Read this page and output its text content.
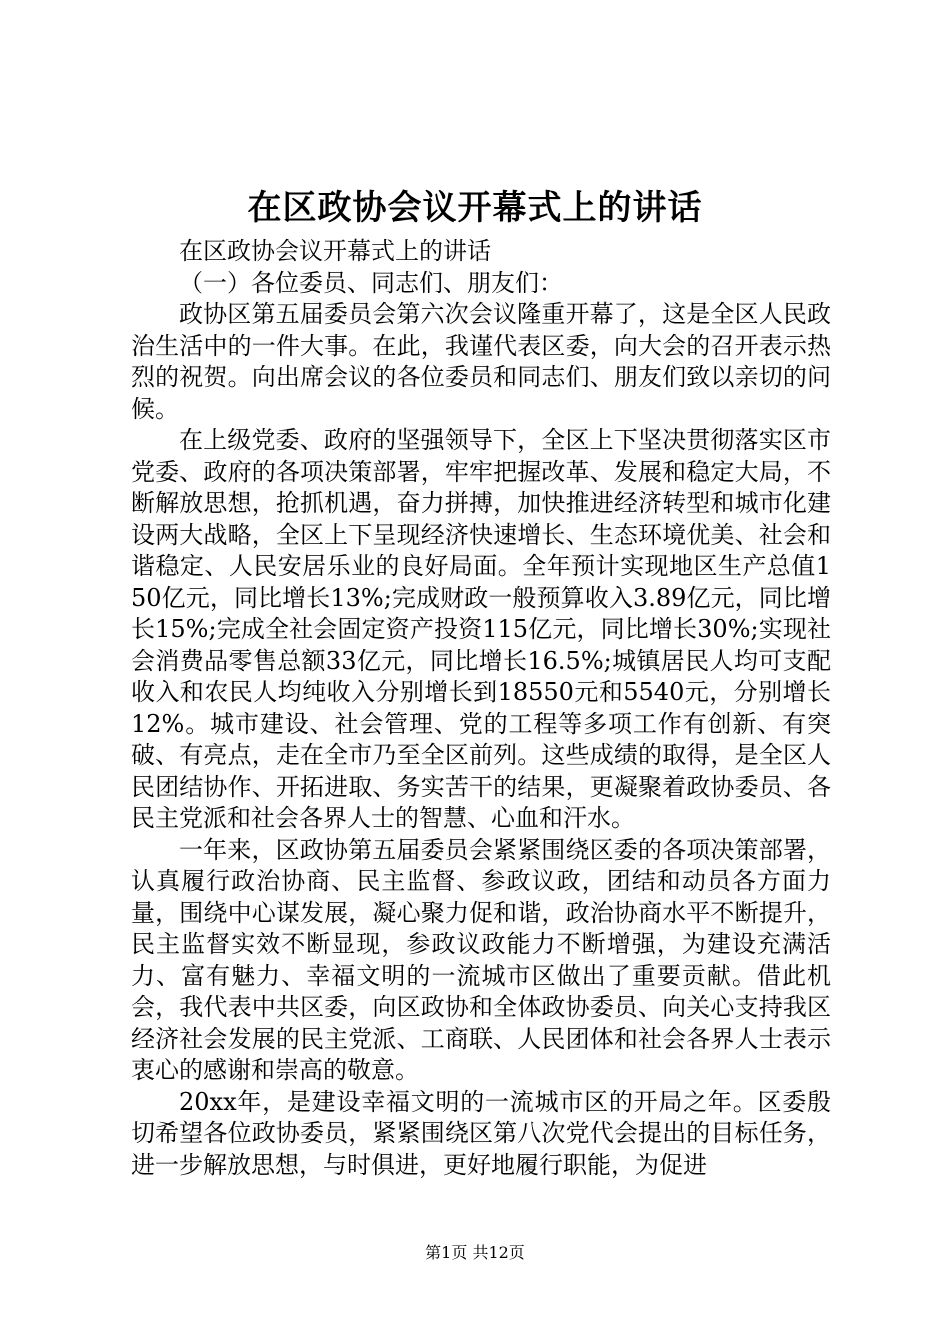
在区政协会议开幕式上的讲话

在区政协会议开幕式上的讲话

（一）各位委员、同志们、朋友们：

政协区第五届委员会第六次会议隆重开幕了，这是全区人民政治生活中的一件大事。在此，我谨代表区委，向大会的召开表示热烈的祝贺。向出席会议的各位委员和同志们、朋友们致以亲切的问候。

在上级党委、政府的坚强领导下，全区上下坚决贯彻落实区市党委、政府的各项决策部署，牢牢把握改革、发展和稳定大局，不断解放思想，抢抓机遇，奋力拼搏，加快推进经济转型和城市化建设两大战略，全区上下呈现经济快速增长、生态环境优美、社会和谐稳定、人民安居乐业的良好局面。全年预计实现地区生产总值150亿元，同比增长13%;完成财政一般预算收入3.89亿元，同比增长15%;完成全社会固定资产投资115亿元，同比增长30%;实现社会消费品零售总额33亿元，同比增长16.5%;城镇居民人均可支配收入和农民人均纯收入分别增长到18550元和5540元，分别增长12%。城市建设、社会管理、党的工程等多项工作有创新、有突破、有亮点，走在全市乃至全区前列。这些成绩的取得，是全区人民团结协作、开拓进取、务实苦干的结果，更凝聚着政协委员、各民主党派和社会各界人士的智慧、心血和汗水。

一年来，区政协第五届委员会紧紧围绕区委的各项决策部署，认真履行政治协商、民主监督、参政议政，团结和动员各方面力量，围绕中心谋发展，凝心聚力促和谐，政治协商水平不断提升，民主监督实效不断显现，参政议政能力不断增强，为建设充满活力、富有魅力、幸福文明的一流城市区做出了重要贡献。借此机会，我代表中共区委，向区政协和全体政协委员、向关心支持我区经济社会发展的民主党派、工商联、人民团体和社会各界人士表示衷心的感谢和崇高的敬意。

20xx年，是建设幸福文明的一流城市区的开局之年。区委殷切希望各位政协委员，紧紧围绕区第八次党代会提出的目标任务，进一步解放思想，与时俱进，更好地履行职能，为促进

第1页 共12页
